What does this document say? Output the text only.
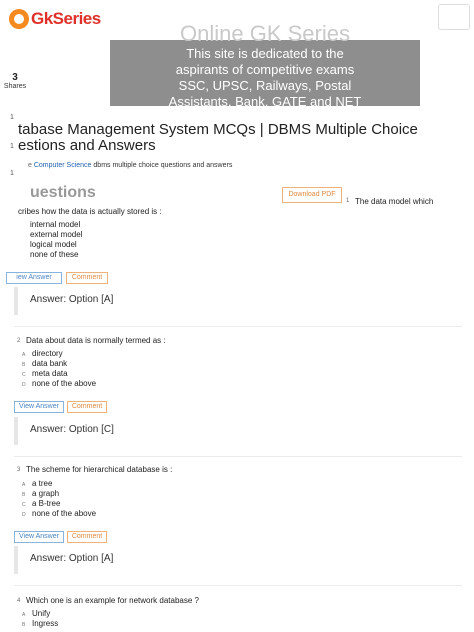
GkSeries
Online GK Series
This site is dedicated to the
aspirants of competitive exams
SSC, UPSC, Railways, Postal
Assistants, Bank, GATE and NET
3
Shares
1
1
1
tabase Management System MCQs | DBMS Multiple Choice
estions and Answers
e Computer Science dbms multiple choice questions and answers
uestions	Download PDF
1 The data model which
cribes how the data is actually stored is :
internal model
external model
logical model
none of these
iew Answer	Comment
Answer: Option [A]
2 Data about data is normally termed as :
A directory
B data bank
C meta data
D none of the above
View Answer	Comment
Answer: Option [C]
3 The scheme for hierarchical database is :
A a tree
B a graph
C a B-tree
D none of the above
View Answer	Comment
Answer: Option [A]
4 Which one is an example for network database ?
A Unify
B Ingress
